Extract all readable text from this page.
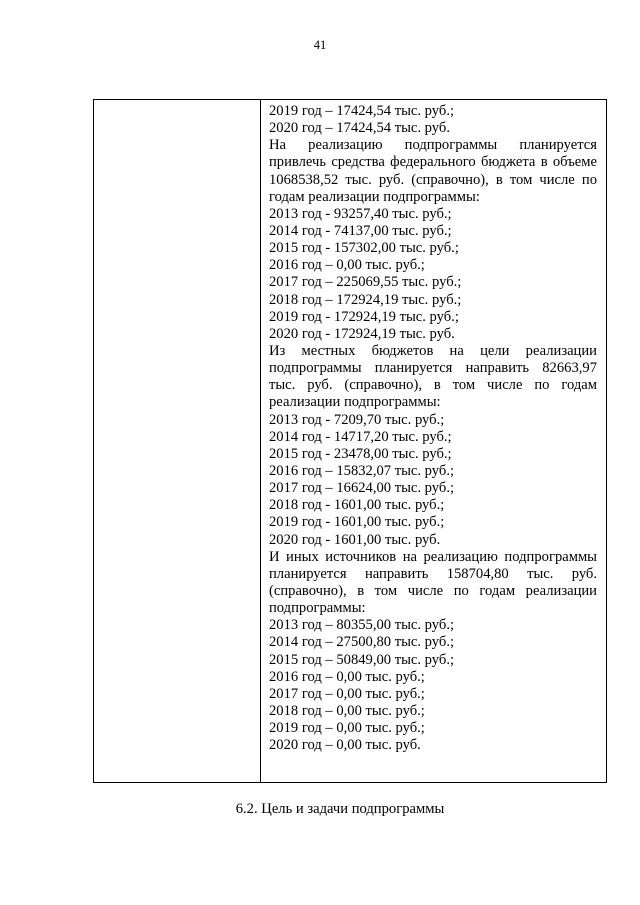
41
2019 год – 17424,54 тыс. руб.;
2020 год – 17424,54 тыс. руб.
На реализацию подпрограммы планируется
привлечь средства федерального бюджета в объеме
1068538,52 тыс. руб. (справочно), в том числе по
годам реализации подпрограммы:
2013 год - 93257,40 тыс. руб.;
2014 год - 74137,00 тыс. руб.;
2015 год - 157302,00 тыс. руб.;
2016 год – 0,00 тыс. руб.;
2017 год – 225069,55 тыс. руб.;
2018 год – 172924,19 тыс. руб.;
2019 год - 172924,19 тыс. руб.;
2020 год - 172924,19 тыс. руб.
Из местных бюджетов на цели реализации
подпрограммы планируется направить 82663,97
тыс. руб. (справочно), в том числе по годам
реализации подпрограммы:
2013 год - 7209,70 тыс. руб.;
2014 год - 14717,20 тыс. руб.;
2015 год - 23478,00 тыс. руб.;
2016 год – 15832,07 тыс. руб.;
2017 год – 16624,00 тыс. руб.;
2018 год - 1601,00 тыс. руб.;
2019 год - 1601,00 тыс. руб.;
2020 год - 1601,00 тыс. руб.
И иных источников на реализацию подпрограммы
планируется направить 158704,80 тыс. руб.
(справочно), в том числе по годам реализации
подпрограммы:
2013 год – 80355,00 тыс. руб.;
2014 год – 27500,80 тыс. руб.;
2015 год – 50849,00 тыс. руб.;
2016 год – 0,00 тыс. руб.;
2017 год – 0,00 тыс. руб.;
2018 год – 0,00 тыс. руб.;
2019 год – 0,00 тыс. руб.;
2020 год – 0,00 тыс. руб.
6.2. Цель и задачи подпрограммы
